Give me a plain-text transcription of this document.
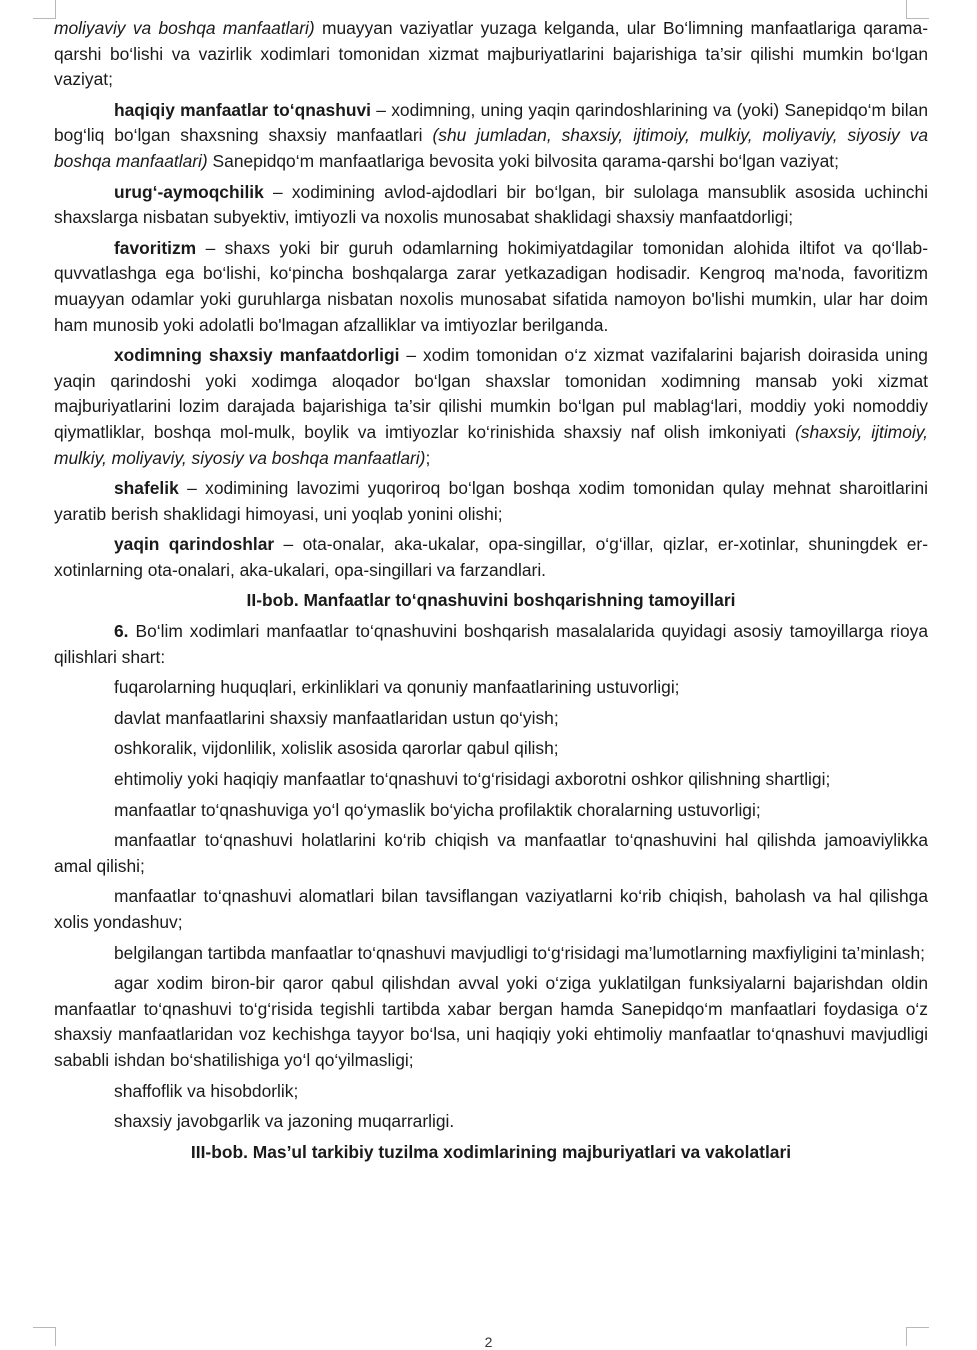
moliyaviy va boshqa manfaatlari) muayyan vaziyatlar yuzaga kelganda, ular Bo‘limning manfaatlariga qarama-qarshi bo‘lishi va vazirlik xodimlari tomonidan xizmat majburiyatlarini bajarishiga ta’sir qilishi mumkin bo‘lgan vaziyat;

haqiqiy manfaatlar to‘qnashuvi – xodimning, uning yaqin qarindoshlarining va (yoki) Sanepidqo‘m bilan bog‘liq bo‘lgan shaxsning shaxsiy manfaatlari (shu jumladan, shaxsiy, ijtimoiy, mulkiy, moliyaviy, siyosiy va boshqa manfaatlari) Sanepidqo‘m manfaatlariga bevosita yoki bilvosita qarama-qarshi bo‘lgan vaziyat;

urug‘-aymoqchilik – xodimining avlod-ajdodlari bir bo‘lgan, bir sulolaga mansublik asosida uchinchi shaxslarga nisbatan subyektiv, imtiyozli va noxolis munosabat shaklidagi shaxsiy manfaatdorligi;

favoritizm – shaxs yoki bir guruh odamlarning hokimiyatdagilar tomonidan alohida iltifot va qo‘llab-quvvatlashga ega bo‘lishi, ko‘pincha boshqalarga zarar yetkazadigan hodisadir. Kengroq ma'noda, favoritizm muayyan odamlar yoki guruhlarga nisbatan noxolis munosabat sifatida namoyon bo'lishi mumkin, ular har doim ham munosib yoki adolatli bo'lmagan afzalliklar va imtiyozlar berilganda.

xodimning shaxsiy manfaatdorligi – xodim tomonidan o‘z xizmat vazifalarini bajarish doirasida uning yaqin qarindoshi yoki xodimga aloqador bo‘lgan shaxslar tomonidan xodimning mansab yoki xizmat majburiyatlarini lozim darajada bajarishiga ta’sir qilishi mumkin bo‘lgan pul mablag‘lari, moddiy yoki nomoddiy qiymatliklar, boshqa mol-mulk, boylik va imtiyozlar ko‘rinishida shaxsiy naf olish imkoniyati (shaxsiy, ijtimoiy, mulkiy, moliyaviy, siyosiy va boshqa manfaatlari);

shafelik – xodimining lavozimi yuqoriroq bo‘lgan boshqa xodim tomonidan qulay mehnat sharoitlarini yaratib berish shaklidagi himoyasi, uni yoqlab yonini olishi;

yaqin qarindoshlar – ota-onalar, aka-ukalar, opa-singillar, o‘g‘illar, qizlar, er-xotinlar, shuningdek er-xotinlarning ota-onalari, aka-ukalari, opa-singillari va farzandlari.

II-bob. Manfaatlar to‘qnashuvini boshqarishning tamoyillari

6. Bo‘lim xodimlari manfaatlar to‘qnashuvini boshqarish masalalarida quyidagi asosiy tamoyillarga rioya qilishlari shart:

fuqarolarning huquqlari, erkinliklari va qonuniy manfaatlarining ustuvorligi;

davlat manfaatlarini shaxsiy manfaatlaridan ustun qo‘yish;

oshkoralik, vijdonlilik, xolislik asosida qarorlar qabul qilish;

ehtimoliy yoki haqiqiy manfaatlar to‘qnashuvi to‘g‘risidagi axborotni oshkor qilishning shartligi;

manfaatlar to‘qnashuviga yo‘l qo‘ymaslik bo‘yicha profilaktik choralarning ustuvorligi;

manfaatlar to‘qnashuvi holatlarini ko‘rib chiqish va manfaatlar to‘qnashuvini hal qilishda jamoaviylikka amal qilishi;

manfaatlar to‘qnashuvi alomatlari bilan tavsiflangan vaziyatlarni ko‘rib chiqish, baholash va hal qilishga xolis yondashuv;

belgilangan tartibda manfaatlar to‘qnashuvi mavjudligi to‘g‘risidagi ma’lumotlarning maxfiyligini ta’minlash;

agar xodim biron-bir qaror qabul qilishdan avval yoki o‘ziga yuklatilgan funksiyalarni bajarishdan oldin manfaatlar to‘qnashuvi to‘g‘risida tegishli tartibda xabar bergan hamda Sanepidqo‘m manfaatlari foydasiga o‘z shaxsiy manfaatlaridan voz kechishga tayyor bo‘lsa, uni haqiqiy yoki ehtimoliy manfaatlar to‘qnashuvi mavjudligi sababli ishdan bo‘shatilishiga yo‘l qo‘yilmasligi;

shaffoflik va hisobdorlik;

shaxsiy javobgarlik va jazoning muqarrarligi.

III-bob. Mas’ul tarkibiy tuzilma xodimlarining majburiyatlari va vakolatlari

2
